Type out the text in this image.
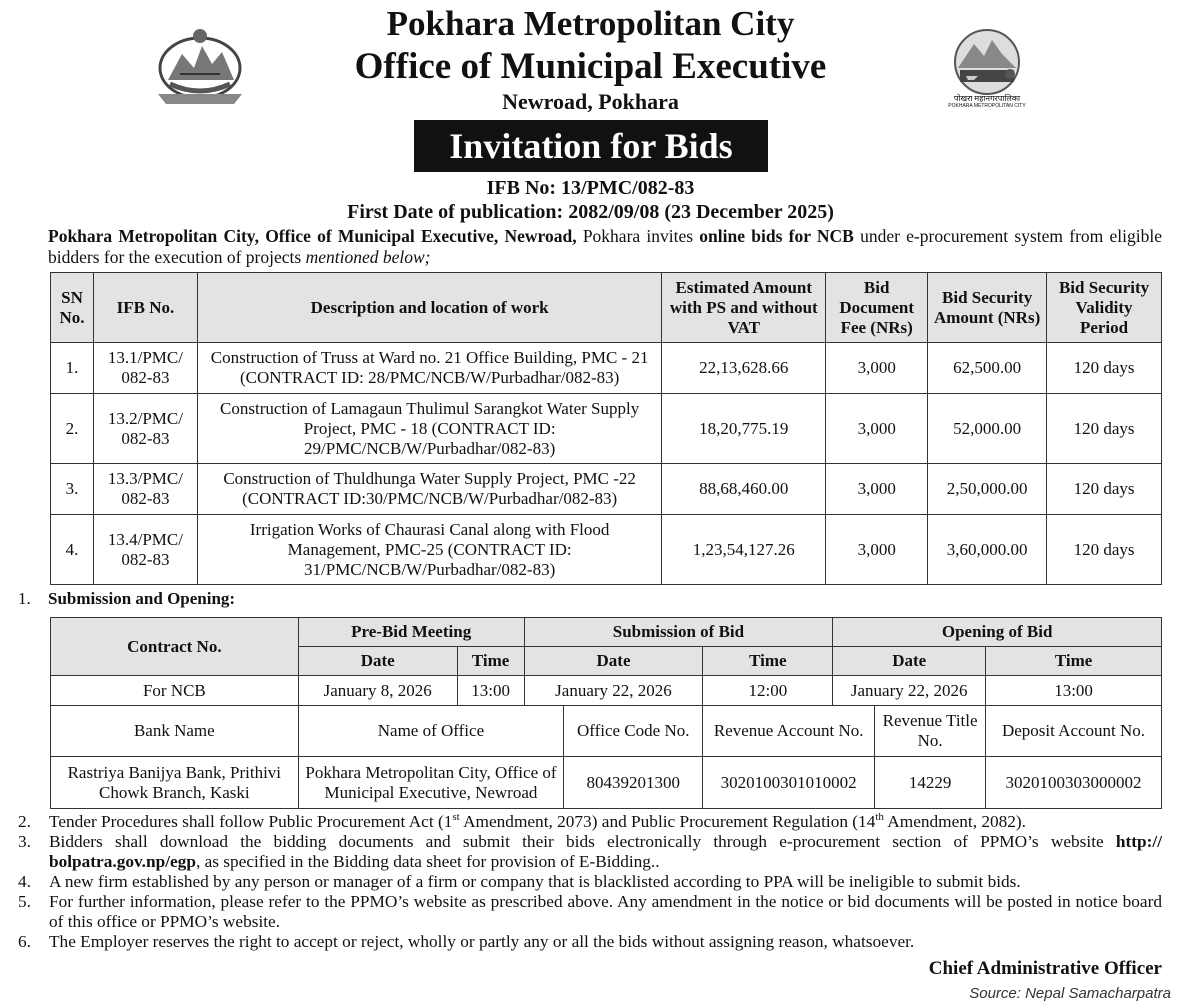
पोखरा महानगरपालिका
POKHARA METROPOLITAN CITY
Pokhara Metropolitan City
Office of Municipal Executive
Newroad, Pokhara
Invitation for Bids
IFB No: 13/PMC/082-83
First Date of publication: 2082/09/08 (23 December 2025)
Pokhara Metropolitan City, Office of Municipal Executive, Newroad, Pokhara invites online bids for NCB under e-procurement system from eligible bidders for the execution of projects mentioned below;
SN No.	IFB No.	Description and location of work	Estimated Amount with PS and without VAT	Bid Document Fee (NRs)	Bid Security Amount (NRs)	Bid Security Validity Period
1.	13.1/PMC/ 082-83	Construction of Truss at Ward no. 21 Office Building, PMC - 21 (CONTRACT ID: 28/PMC/NCB/W/Purbadhar/082-83)	22,13,628.66	3,000	62,500.00	120 days
2.	13.2/PMC/ 082-83	Construction of Lamagaun Thulimul Sarangkot Water Supply Project, PMC - 18 (CONTRACT ID: 29/PMC/NCB/W/Purbadhar/082-83)	18,20,775.19	3,000	52,000.00	120 days
3.	13.3/PMC/ 082-83	Construction of Thuldhunga Water Supply Project, PMC -22 (CONTRACT ID:30/PMC/NCB/W/Purbadhar/082-83)	88,68,460.00	3,000	2,50,000.00	120 days
4.	13.4/PMC/ 082-83	Irrigation Works of Chaurasi Canal along with Flood Management, PMC-25 (CONTRACT ID: 31/PMC/NCB/W/Purbadhar/082-83)	1,23,54,127.26	3,000	3,60,000.00	120 days
1. Submission and Opening:
Contract No.	Pre-Bid Meeting		Submission of Bid		Opening of Bid	
	Date	Time	Date	Time	Date	Time
For NCB	January 8, 2026	13:00	January 22, 2026	12:00	January 22, 2026	13:00
Bank Name	Name of Office	Office Code No.	Revenue Account No.	Revenue Title No.	Deposit Account No.
Rastriya Banijya Bank, Prithivi Chowk Branch, Kaski	Pokhara Metropolitan City, Office of Municipal Executive, Newroad	80439201300	3020100301010002	14229	3020100303000002
2. Tender Procedures shall follow Public Procurement Act (1st Amendment, 2073) and Public Procurement Regulation (14th Amendment, 2082).
3. Bidders shall download the bidding documents and submit their bids electronically through e-procurement section of PPMO’s website http:// bolpatra.gov.np/egp, as specified in the Bidding data sheet for provision of E-Bidding..
4. A new firm established by any person or manager of a firm or company that is blacklisted according to PPA will be ineligible to submit bids.
5. For further information, please refer to the PPMO’s website as prescribed above. Any amendment in the notice or bid documents will be posted in notice board of this office or PPMO’s website.
6. The Employer reserves the right to accept or reject, wholly or partly any or all the bids without assigning reason, whatsoever.
Chief Administrative Officer
Source: Nepal Samacharpatra
